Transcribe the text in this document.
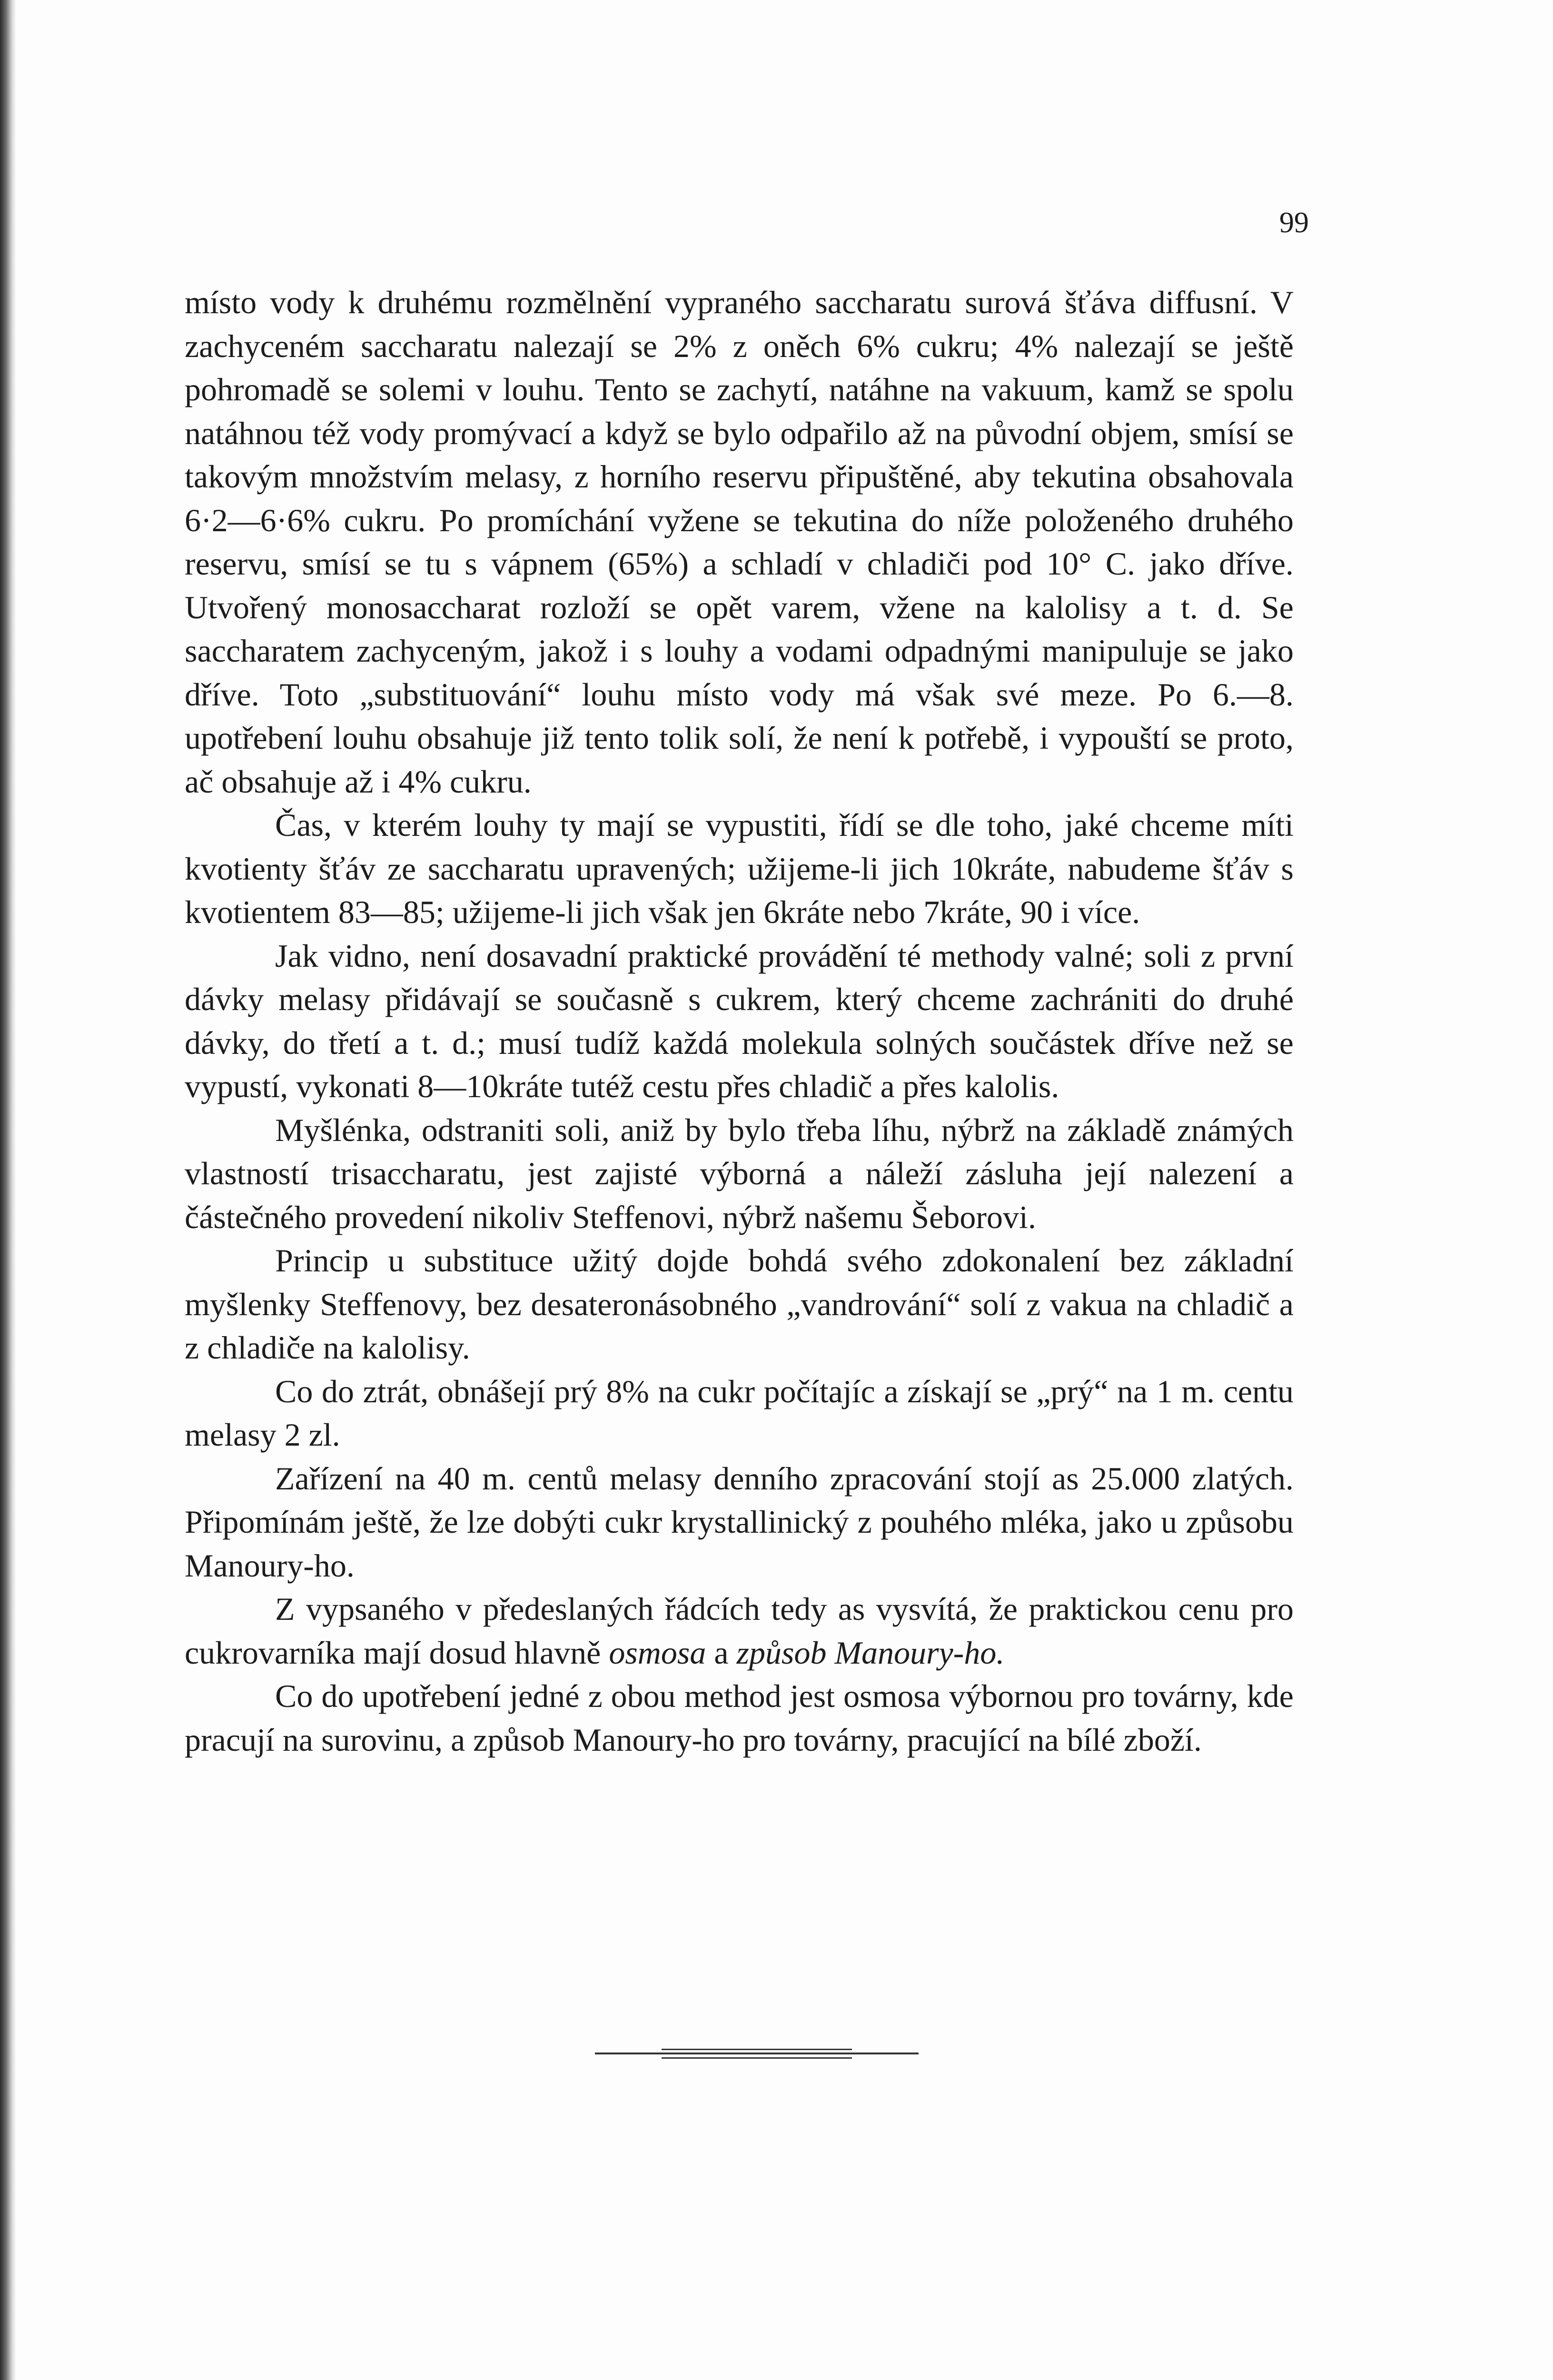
99

místo vody k druhému rozmělnění vypraného saccharatu surová šťáva diffusní. V zachyceném saccharatu nalezají se 2% z oněch 6% cukru; 4% nalezají se ještě pohromadě se solemi v louhu. Tento se zachytí, natáhne na vakuum, kamž se spolu natáhnou též vody promývací a když se bylo odpařilo až na původní objem, smísí se takovým množstvím melasy, z horního reservu připuštěné, aby tekutina obsahovala 6·2—6·6% cukru. Po promíchání vyžene se tekutina do níže položeného druhého reservu, smísí se tu s vápnem (65%) a schladí v chladiči pod 10° C. jako dříve. Utvořený monosaccharat rozloží se opět varem, vžene na kalolisy a t. d. Se saccharatem zachyceným, jakož i s louhy a vodami odpadnými manipuluje se jako dříve. Toto „substituování“ louhu místo vody má však své meze. Po 6.—8. upotřebení louhu obsahuje již tento tolik solí, že není k potřebě, i vypouští se proto, ač obsahuje až i 4% cukru.

Čas, v kterém louhy ty mají se vypustiti, řídí se dle toho, jaké chceme míti kvotienty šťáv ze saccharatu upravených; užijeme-li jich 10kráte, nabudeme šťáv s kvotientem 83—85; užijeme-li jich však jen 6kráte nebo 7kráte, 90 i více.

Jak vidno, není dosavadní praktické provádění té methody valné; soli z první dávky melasy přidávají se současně s cukrem, který chceme zachrániti do druhé dávky, do třetí a t. d.; musí tudíž každá molekula solných součástek dříve než se vypustí, vykonati 8—10kráte tutéž cestu přes chladič a přes kalolis.

Myšlénka, odstraniti soli, aniž by bylo třeba líhu, nýbrž na základě známých vlastností trisaccharatu, jest zajisté výborná a náleží zásluha její nalezení a částečného provedení nikoliv Steffenovi, nýbrž našemu Šeborovi.

Princip u substituce užitý dojde bohdá svého zdokonalení bez základní myšlenky Steffenovy, bez desateronásobného „vandrování“ solí z vakua na chladič a z chladiče na kalolisy.

Co do ztrát, obnášejí prý 8% na cukr počítajíc a získají se „prý“ na 1 m. centu melasy 2 zl.

Zařízení na 40 m. centů melasy denního zpracování stojí as 25.000 zlatých. Připomínám ještě, že lze dobýti cukr krystallinický z pouhého mléka, jako u způsobu Manoury-ho.

Z vypsaného v předeslaných řádcích tedy as vysvítá, že praktickou cenu pro cukrovarníka mají dosud hlavně osmosa a způsob Manoury-ho.

Co do upotřebení jedné z obou method jest osmosa výbornou pro továrny, kde pracují na surovinu, a způsob Manoury-ho pro továrny, pracující na bílé zboží.
